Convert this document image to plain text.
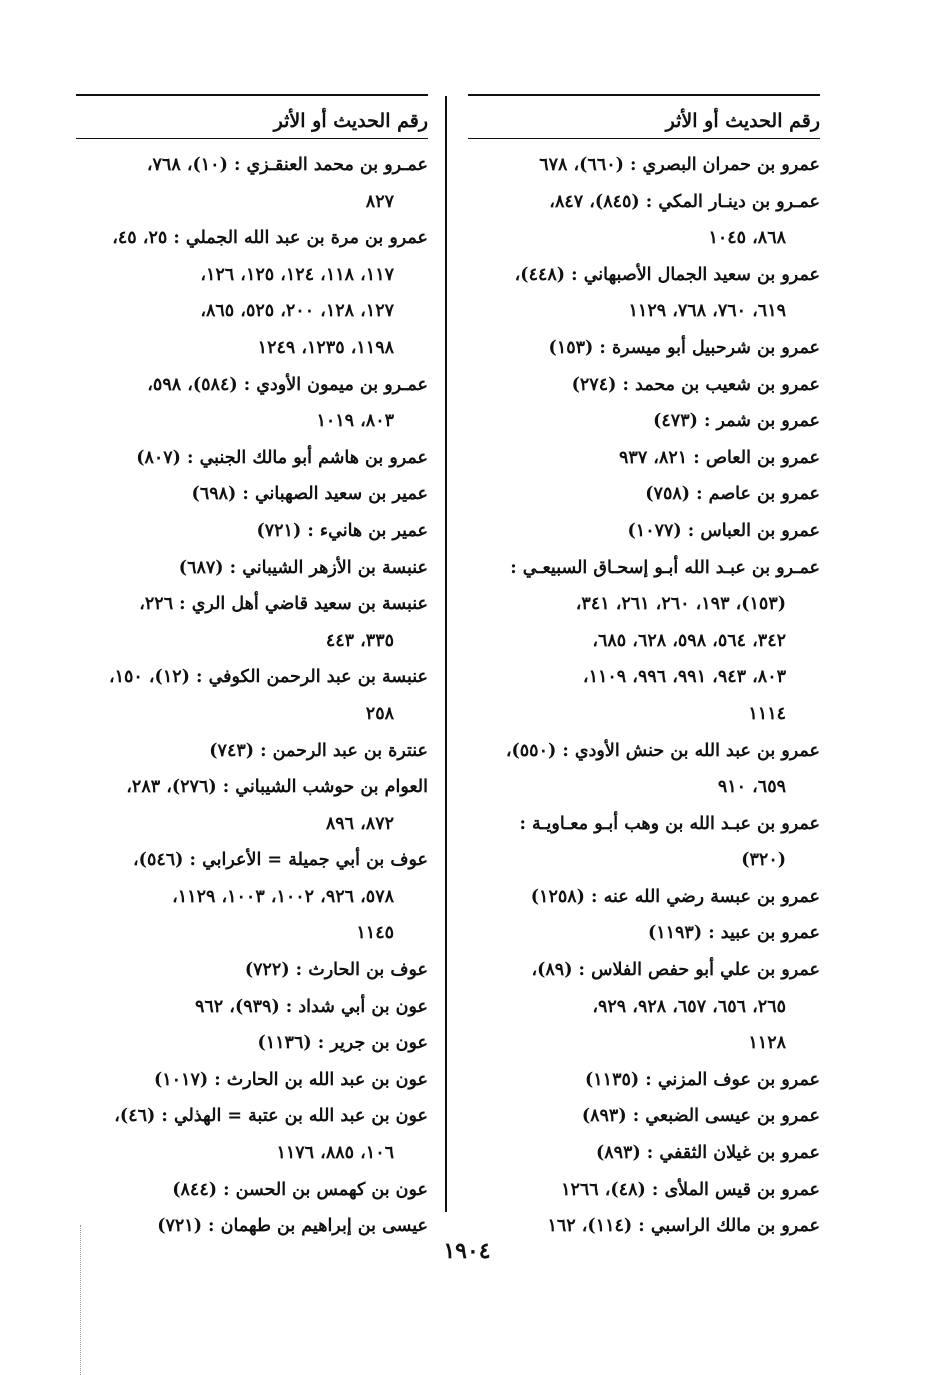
رقم الحديث أو الأثر
عمرو بن حمران البصري : (٦٦٠)، ٦٧٨
عمـرو بن دينـار المكي : (٨٤٥)، ٨٤٧،
٨٦٨، ١٠٤٥
عمرو بن سعيد الجمال الأصبهاني : (٤٤٨)،
٦١٩، ٧٦٠، ٧٦٨، ١١٢٩
عمرو بن شرحبيل أبو ميسرة : (١٥٣)
عمرو بن شعيب بن محمد : (٢٧٤)
عمرو بن شمر : (٤٧٣)
عمرو بن العاص : ٨٢١، ٩٣٧
عمرو بن عاصم : (٧٥٨)
عمرو بن العباس : (١٠٧٧)
عمـرو بن عبـد الله أبـو إسحـاق السبيعـي :
(١٥٣)، ١٩٣، ٢٦٠، ٢٦١، ٣٤١،
٣٤٢، ٥٦٤، ٥٩٨، ٦٢٨، ٦٨٥،
٨٠٣، ٩٤٣، ٩٩١، ٩٩٦، ١١٠٩،
١١١٤
عمرو بن عبد الله بن حنش الأودي : (٥٥٠)،
٦٥٩، ٩١٠
عمرو بن عبـد الله بن وهب أبـو معـاويـة :
(٣٢٠)
عمرو بن عبسة رضي الله عنه : (١٢٥٨)
عمرو بن عبيد : (١١٩٣)
عمرو بن علي أبو حفص الفلاس : (٨٩)،
٢٦٥، ٦٥٦، ٦٥٧، ٩٢٨، ٩٢٩،
١١٢٨
عمرو بن عوف المزني : (١١٣٥)
عمرو بن عيسى الضبعي : (٨٩٣)
عمرو بن غيلان الثقفي : (٨٩٣)
عمرو بن قيس الملأى : (٤٨)، ١٢٦٦
عمرو بن مالك الراسبي : (١١٤)، ١٦٢
رقم الحديث أو الأثر
عمـرو بن محمد العنقـزي : (١٠)، ٧٦٨،
٨٢٧
عمرو بن مرة بن عبد الله الجملي : ٢٥، ٤٥،
١١٧، ١١٨، ١٢٤، ١٢٥، ١٢٦،
١٢٧، ١٢٨، ٢٠٠، ٥٢٥، ٨٦٥،
١١٩٨، ١٢٣٥، ١٢٤٩
عمـرو بن ميمون الأودي : (٥٨٤)، ٥٩٨،
٨٠٣، ١٠١٩
عمرو بن هاشم أبو مالك الجنبي : (٨٠٧)
عمير بن سعيد الصهباني : (٦٩٨)
عمير بن هانيء : (٧٢١)
عنبسة بن الأزهر الشيباني : (٦٨٧)
عنبسة بن سعيد قاضي أهل الري : ٢٢٦،
٣٣٥، ٤٤٣
عنبسة بن عبد الرحمن الكوفي : (١٢)، ١٥٠،
٢٥٨
عنترة بن عبد الرحمن : (٧٤٣)
العوام بن حوشب الشيباني : (٢٧٦)، ٢٨٣،
٨٧٢، ٨٩٦
عوف بن أبي جميلة = الأعرابي : (٥٤٦)،
٥٧٨، ٩٢٦، ١٠٠٢، ١٠٠٣، ١١٢٩،
١١٤٥
عوف بن الحارث : (٧٢٢)
عون بن أبي شداد : (٩٣٩)، ٩٦٢
عون بن جرير : (١١٣٦)
عون بن عبد الله بن الحارث : (١٠١٧)
عون بن عبد الله بن عتبة = الهذلي : (٤٦)،
١٠٦، ٨٨٥، ١١٧٦
عون بن كهمس بن الحسن : (٨٤٤)
عيسى بن إبراهيم بن طهمان : (٧٢١)
١٩٠٤
